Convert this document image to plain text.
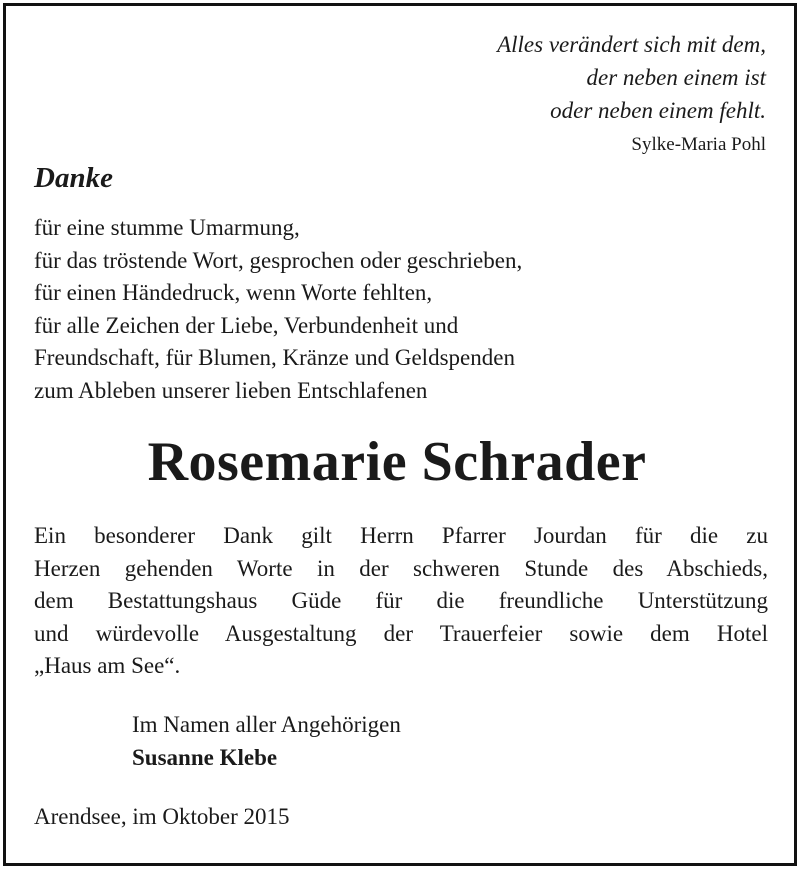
Alles verändert sich mit dem,
der neben einem ist
oder neben einem fehlt.
Sylke-Maria Pohl
Danke
für eine stumme Umarmung,
für das tröstende Wort, gesprochen oder geschrieben,
für einen Händedruck, wenn Worte fehlten,
für alle Zeichen der Liebe, Verbundenheit und
Freundschaft, für Blumen, Kränze und Geldspenden
zum Ableben unserer lieben Entschlafenen
Rosemarie Schrader
Ein besonderer Dank gilt Herrn Pfarrer Jourdan für die zu
Herzen gehenden Worte in der schweren Stunde des Abschieds,
dem Bestattungshaus Güde für die freundliche Unterstützung
und würdevolle Ausgestaltung der Trauerfeier sowie dem Hotel
„Haus am See“.
Im Namen aller Angehörigen
Susanne Klebe
Arendsee, im Oktober 2015
